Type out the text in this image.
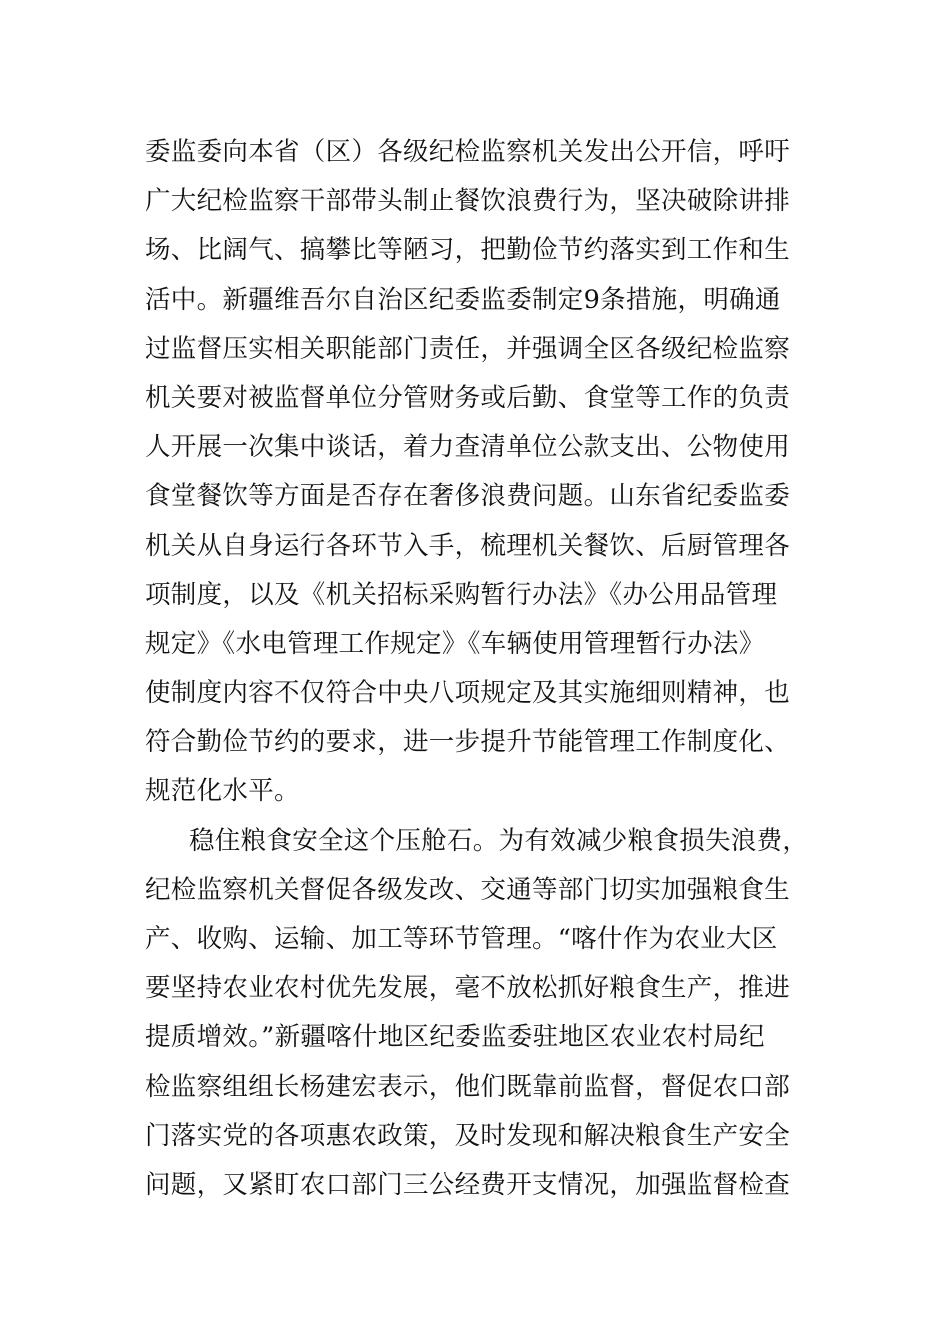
委监委向本省（区）各级纪检监察机关发出公开信，呼吁
广大纪检监察干部带头制止餐饮浪费行为，坚决破除讲排
场、比阔气、搞攀比等陋习，把勤俭节约落实到工作和生
活中。新疆维吾尔自治区纪委监委制定9条措施，明确通
过监督压实相关职能部门责任，并强调全区各级纪检监察
机关要对被监督单位分管财务或后勤、食堂等工作的负责
人开展一次集中谈话，着力查清单位公款支出、公物使用
食堂餐饮等方面是否存在奢侈浪费问题。山东省纪委监委
机关从自身运行各环节入手，梳理机关餐饮、后厨管理各
项制度，以及《机关招标采购暂行办法》《办公用品管理
规定》《水电管理工作规定》《车辆使用管理暂行办法》
使制度内容不仅符合中央八项规定及其实施细则精神，也
符合勤俭节约的要求，进一步提升节能管理工作制度化、
规范化水平。
稳住粮食安全这个压舱石。为有效减少粮食损失浪费，
纪检监察机关督促各级发改、交通等部门切实加强粮食生
产、收购、运输、加工等环节管理。“喀什作为农业大区
要坚持农业农村优先发展，毫不放松抓好粮食生产，推进
提质增效。”新疆喀什地区纪委监委驻地区农业农村局纪
检监察组组长杨建宏表示，他们既靠前监督，督促农口部
门落实党的各项惠农政策，及时发现和解决粮食生产安全
问题，又紧盯农口部门三公经费开支情况，加强监督检查
